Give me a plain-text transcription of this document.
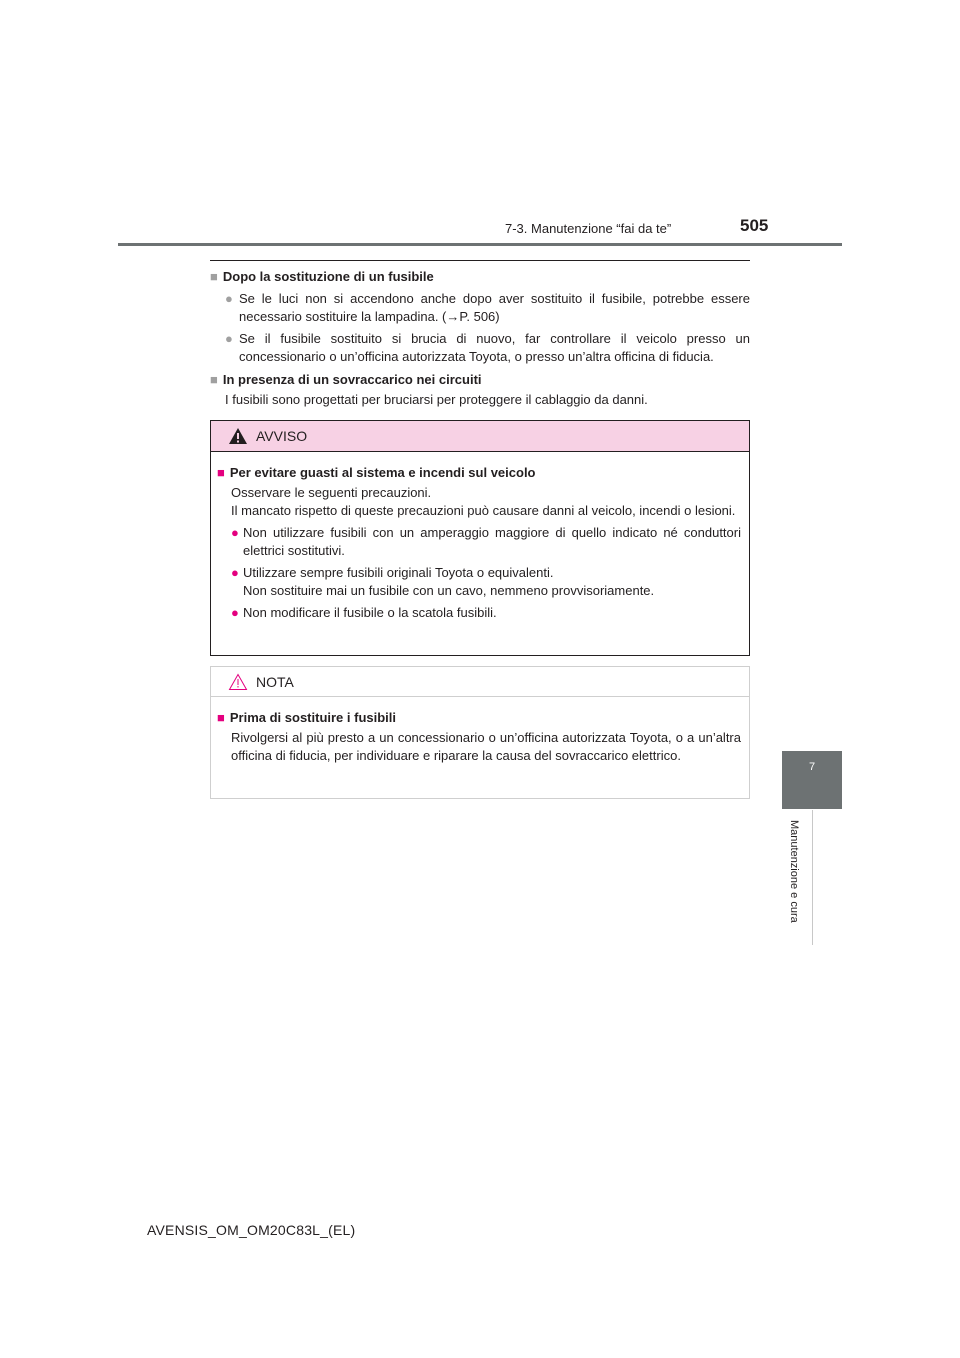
7-3. Manutenzione “fai da te”	505
7
Manutenzione e cura
■ Dopo la sostituzione di un fusibile
● Se le luci non si accendono anche dopo aver sostituito il fusibile, potrebbe essere necessario sostituire la lampadina. (→P. 506)
● Se il fusibile sostituito si brucia di nuovo, far controllare il veicolo presso un concessionario o un’officina autorizzata Toyota, o presso un’altra officina di fiducia.
■ In presenza di un sovraccarico nei circuiti
I fusibili sono progettati per bruciarsi per proteggere il cablaggio da danni.
AVVISO
■ Per evitare guasti al sistema e incendi sul veicolo
Osservare le seguenti precauzioni.
Il mancato rispetto di queste precauzioni può causare danni al veicolo, incendi o lesioni.
● Non utilizzare fusibili con un amperaggio maggiore di quello indicato né conduttori elettrici sostitutivi.
● Utilizzare sempre fusibili originali Toyota o equivalenti.
Non sostituire mai un fusibile con un cavo, nemmeno provvisoriamente.
● Non modificare il fusibile o la scatola fusibili.
NOTA
■ Prima di sostituire i fusibili
Rivolgersi al più presto a un concessionario o un’officina autorizzata Toyota, o a un’altra officina di fiducia, per individuare e riparare la causa del sovraccarico elettrico.
AVENSIS_OM_OM20C83L_(EL)
